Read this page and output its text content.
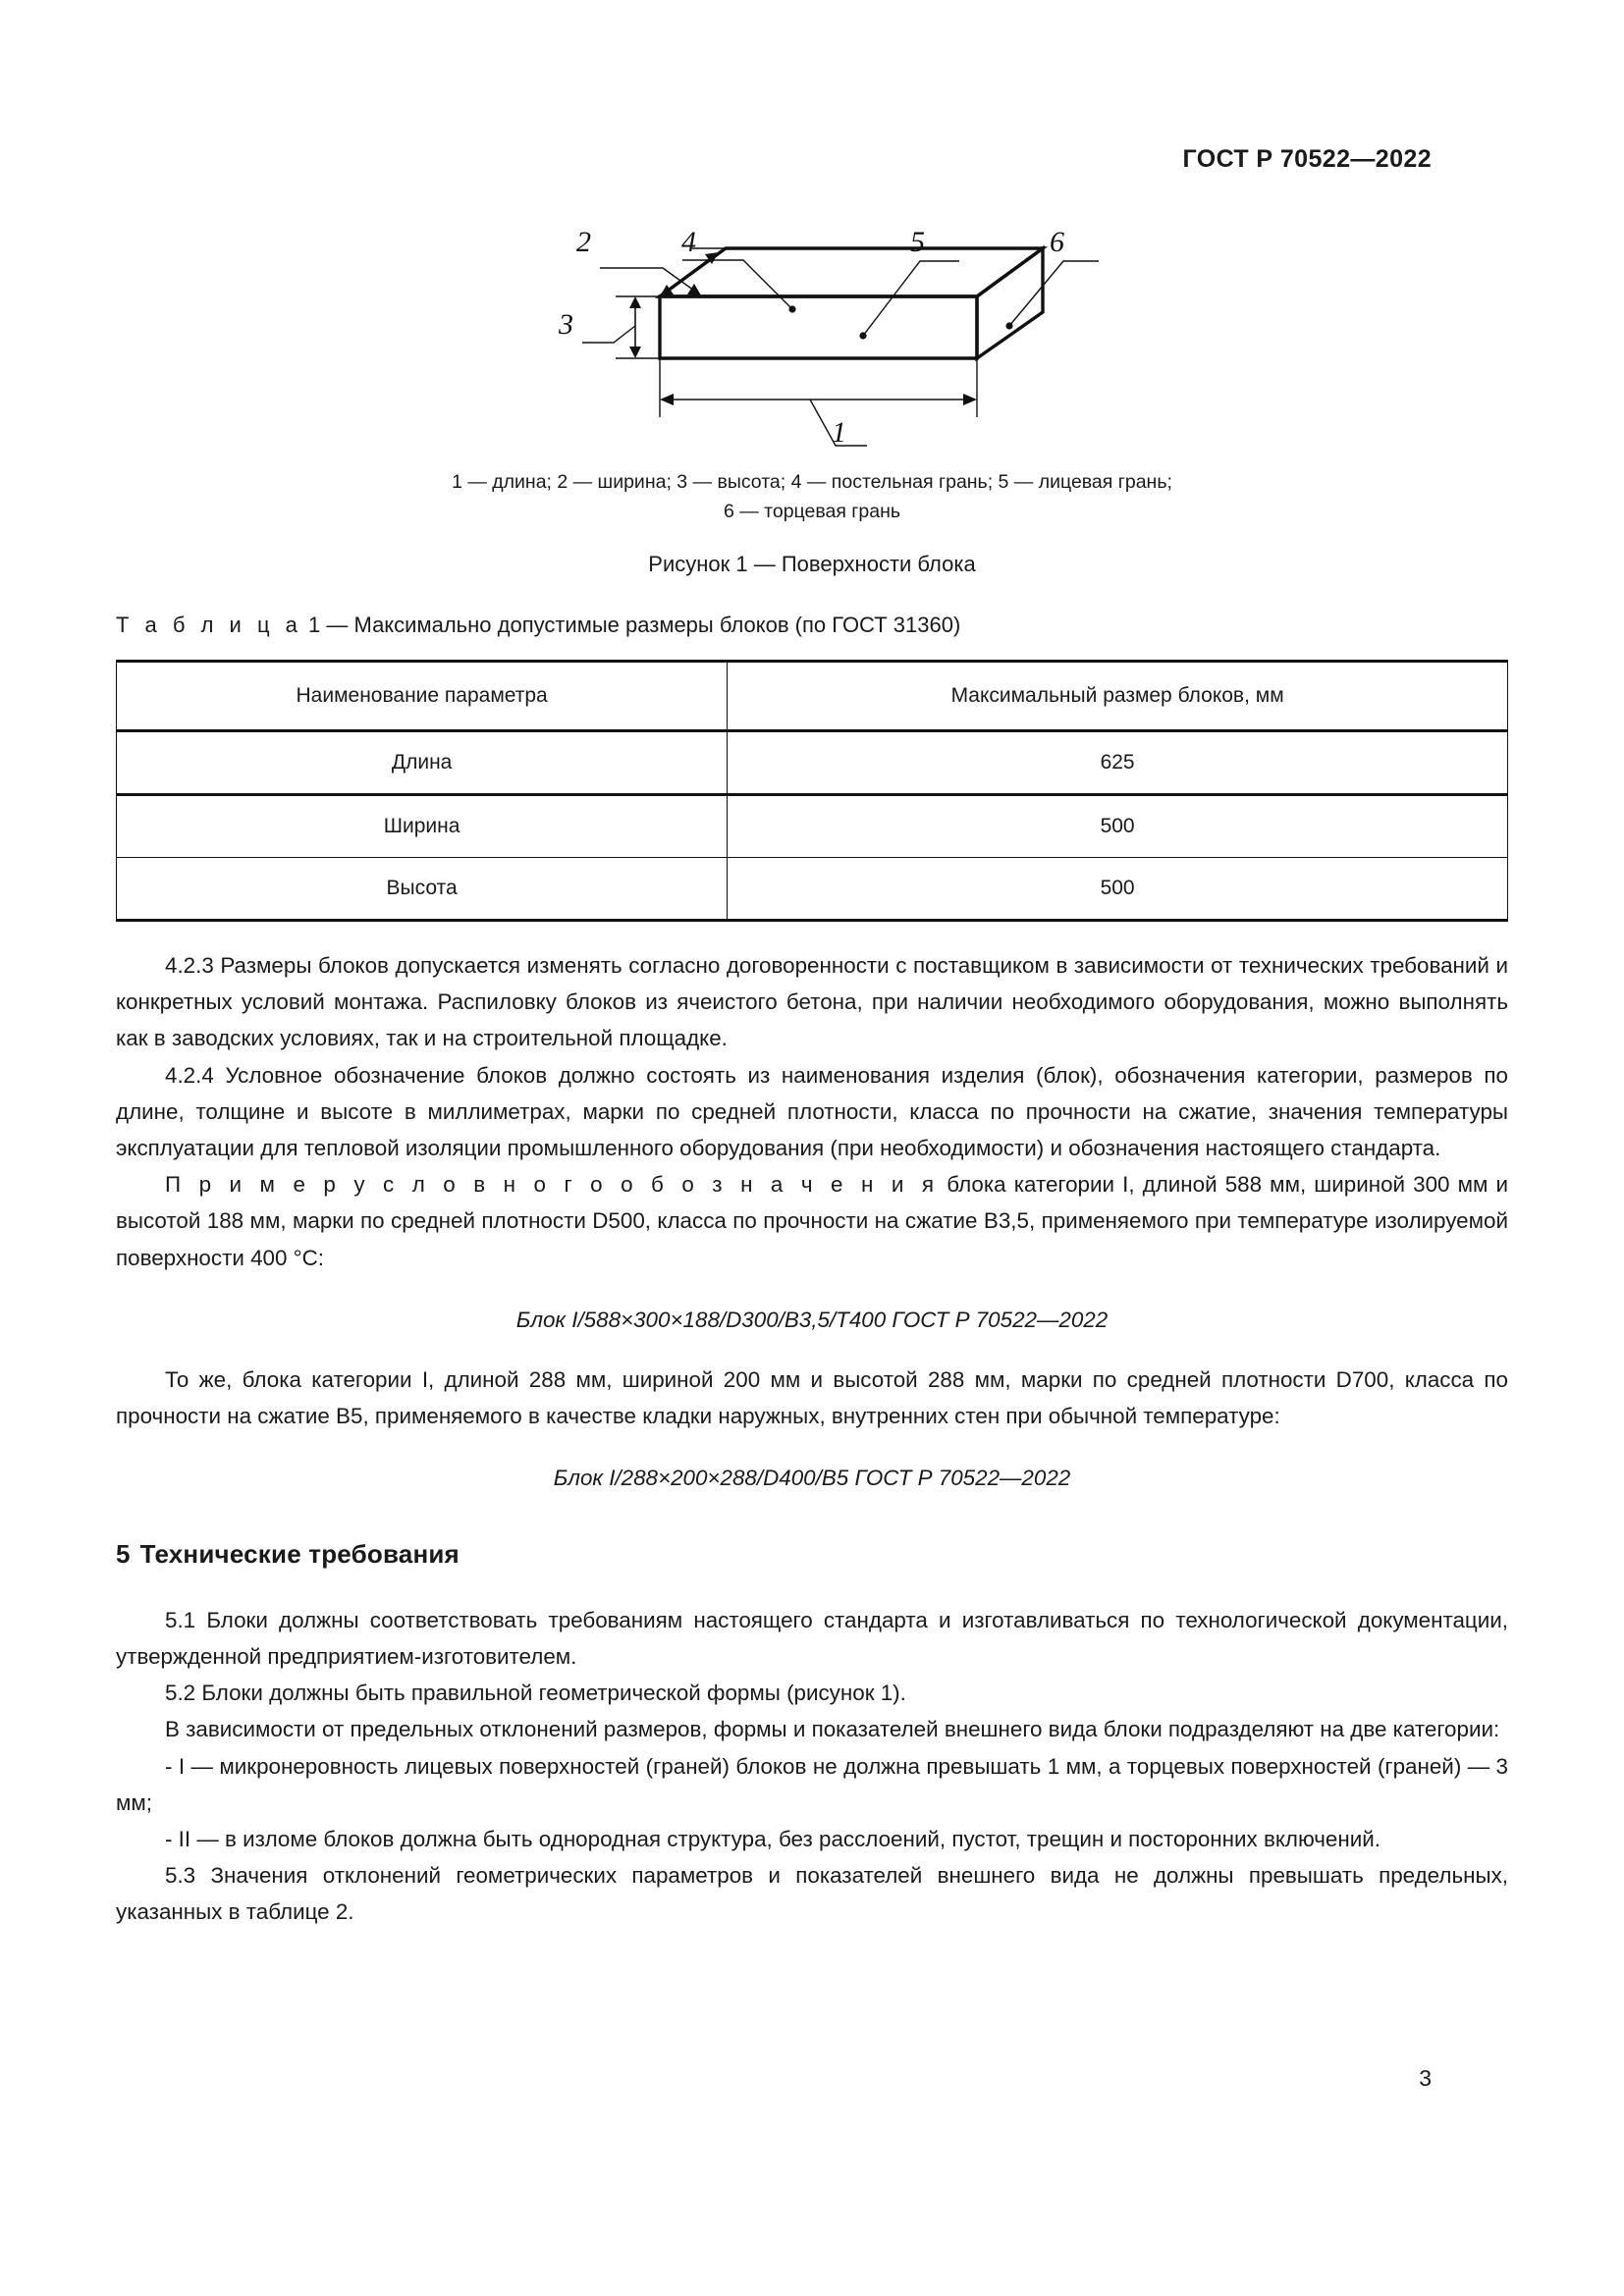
ГОСТ Р 70522—2022
2
3
4	5	6
1
1 — длина; 2 — ширина; 3 — высота; 4 — постельная грань; 5 — лицевая грань;
6 — торцевая грань
Рисунок 1 — Поверхности блока
Т а б л и ц а 1 — Максимально допустимые размеры блоков (по ГОСТ 31360)
Наименование параметра	Максимальный размер блоков, мм
Длина	625
Ширина	500
Высота	500

4.2.3 Размеры блоков допускается изменять согласно договоренности с поставщиком в зависимости от технических требований и конкретных условий монтажа. Распиловку блоков из ячеистого бетона, при наличии необходимого оборудования, можно выполнять как в заводских условиях, так и на строительной площадке.

4.2.4 Условное обозначение блоков должно состоять из наименования изделия (блок), обозначения категории, размеров по длине, толщине и высоте в миллиметрах, марки по средней плотности, класса по прочности на сжатие, значения температуры эксплуатации для тепловой изоляции промышленного оборудования (при необходимости) и обозначения настоящего стандарта.

П р и м е р у с л о в н о г о о б о з н а ч е н и я блока категории I, длиной 588 мм, шириной 300 мм и высотой 188 мм, марки по средней плотности D500, класса по прочности на сжатие B3,5, применяемого при температуре изолируемой поверхности 400 °C:

Блок I/588×300×188/D300/B3,5/T400 ГОСТ Р 70522—2022

То же, блока категории I, длиной 288 мм, шириной 200 мм и высотой 288 мм, марки по средней плотности D700, класса по прочности на сжатие B5, применяемого в качестве кладки наружных, внутренних стен при обычной температуре:

Блок I/288×200×288/D400/B5 ГОСТ Р 70522—2022

5 Технические требования

5.1 Блоки должны соответствовать требованиям настоящего стандарта и изготавливаться по технологической документации, утвержденной предприятием-изготовителем.

5.2 Блоки должны быть правильной геометрической формы (рисунок 1).

В зависимости от предельных отклонений размеров, формы и показателей внешнего вида блоки подразделяют на две категории:

- I — микронеровность лицевых поверхностей (граней) блоков не должна превышать 1 мм, а торцевых поверхностей (граней) — 3 мм;

- II — в изломе блоков должна быть однородная структура, без расслоений, пустот, трещин и посторонних включений.

5.3 Значения отклонений геометрических параметров и показателей внешнего вида не должны превышать предельных, указанных в таблице 2.

3
